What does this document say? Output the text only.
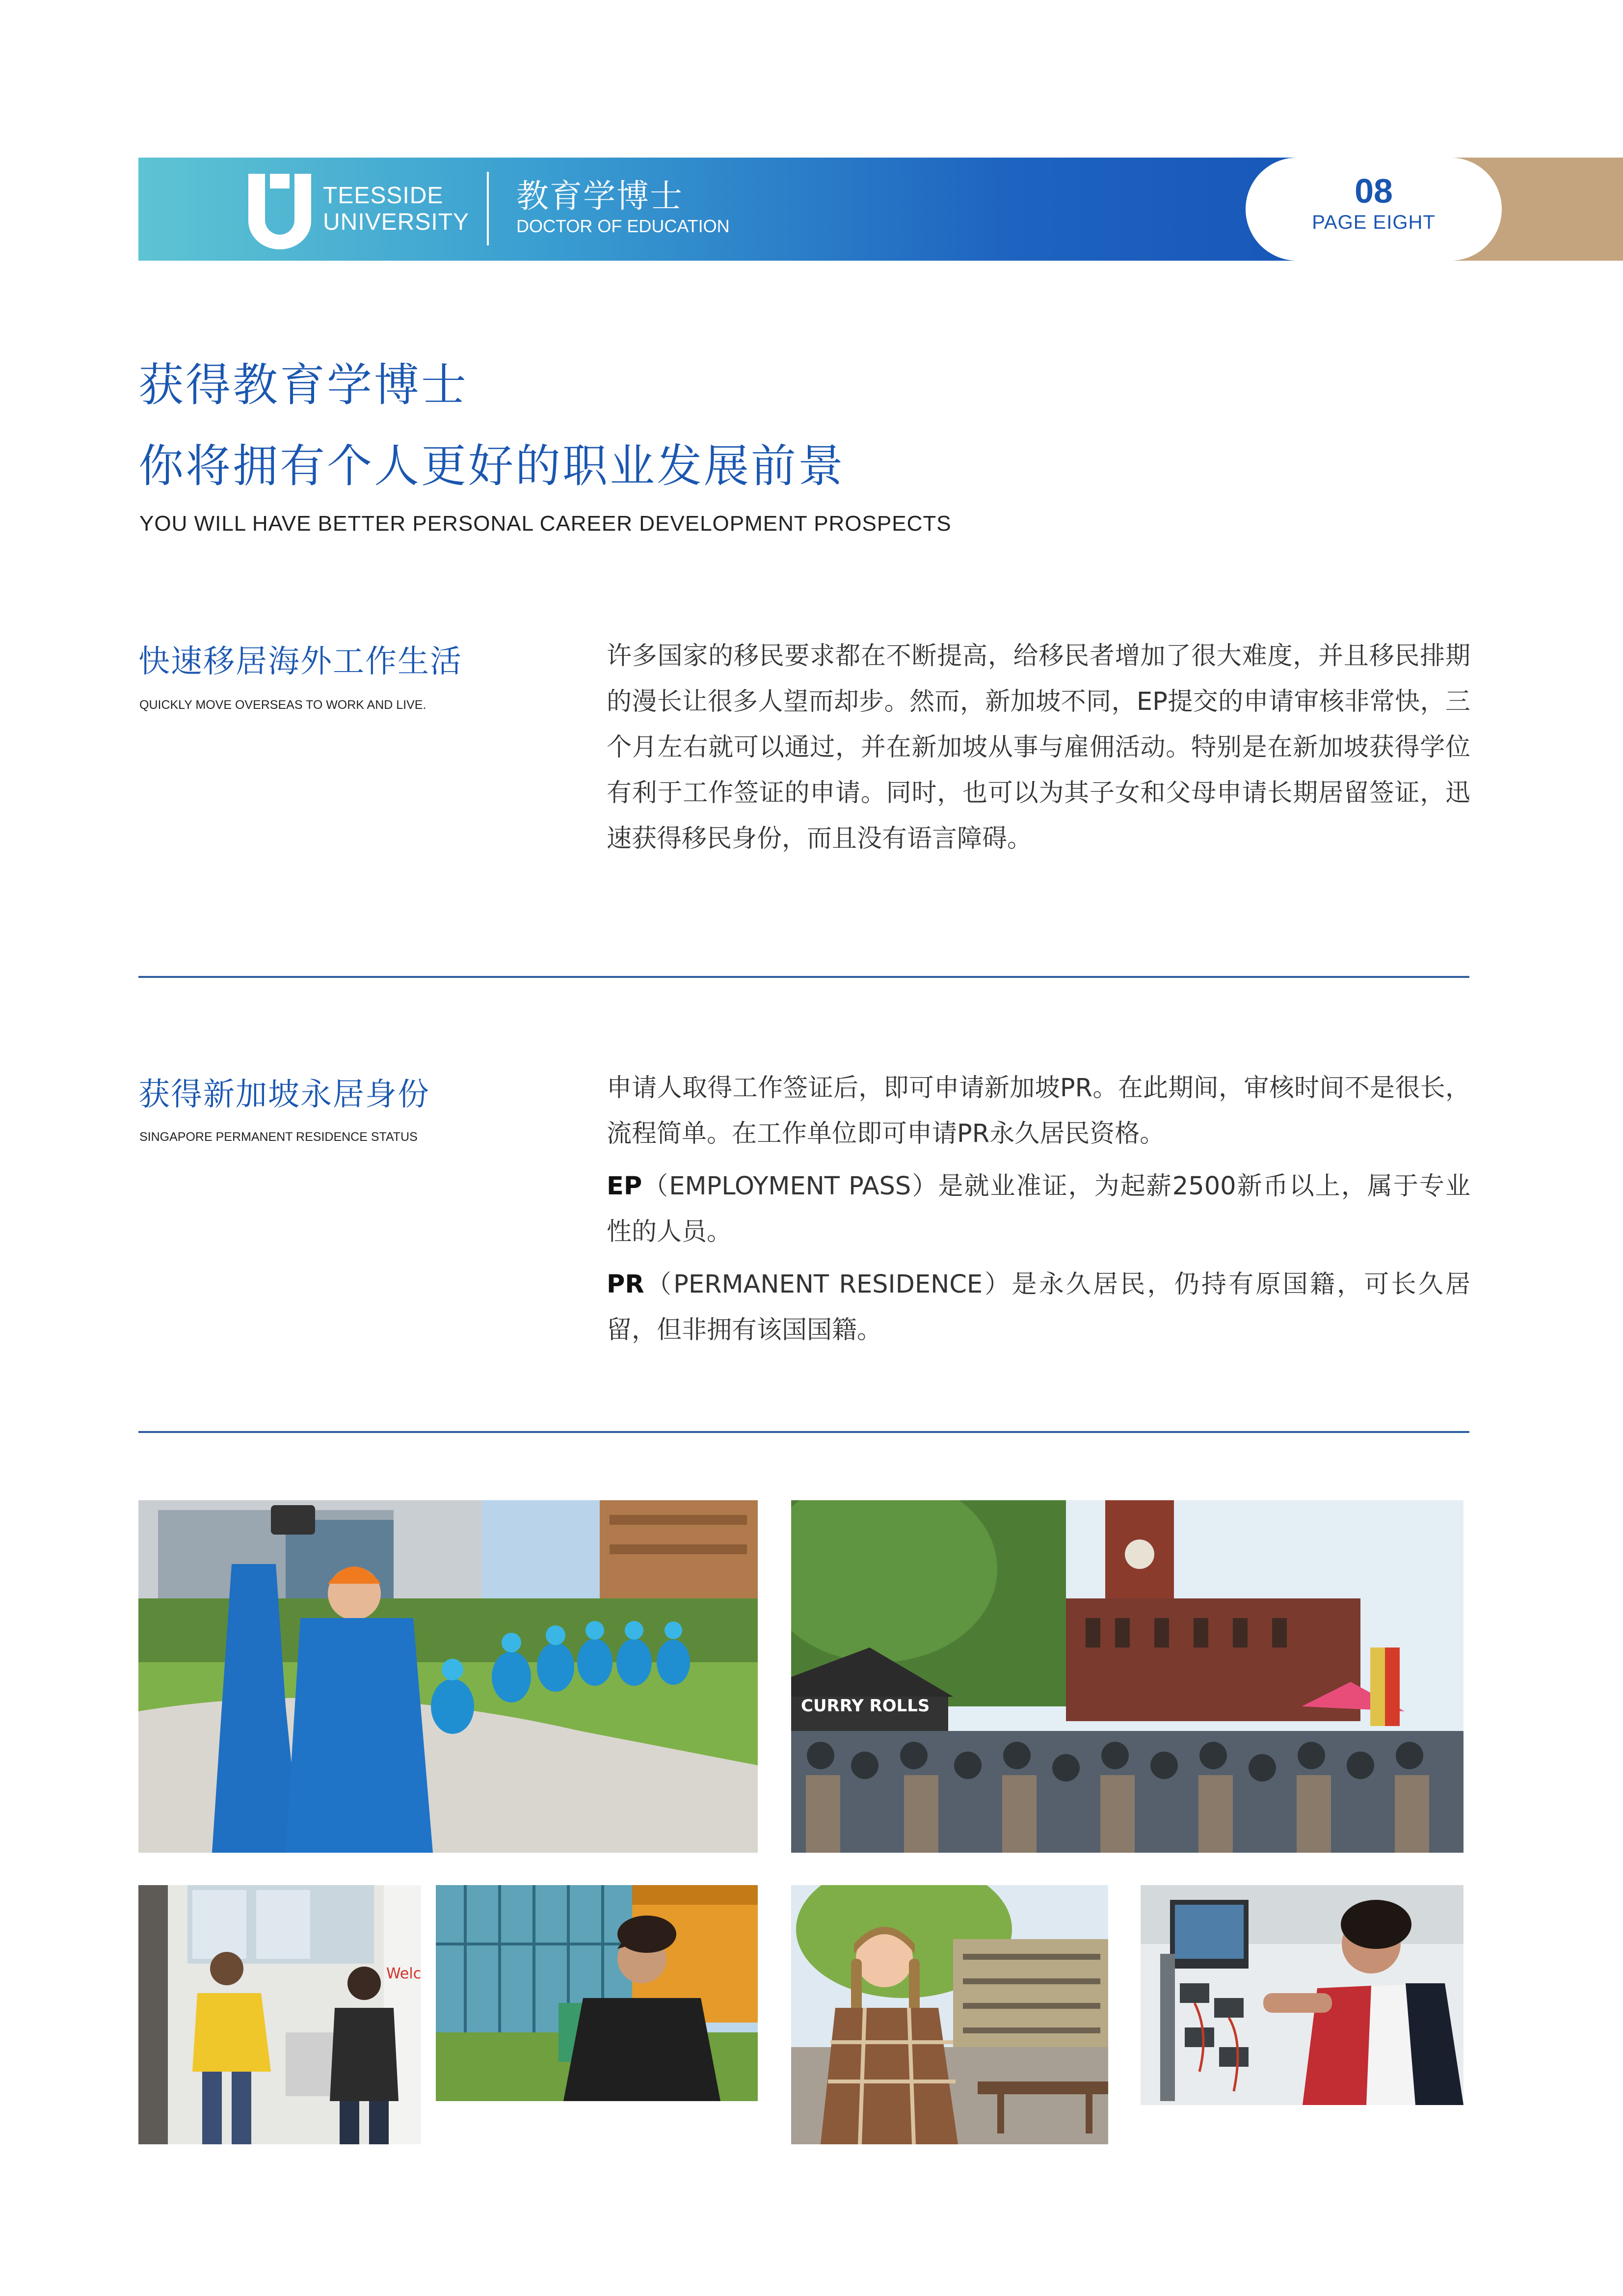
TEESSIDE
UNIVERSITY
教育学博士
DOCTOR OF EDUCATION
08
PAGE EIGHT
获得教育学博士
你将拥有个人更好的职业发展前景
YOU WILL HAVE BETTER PERSONAL CAREER DEVELOPMENT PROSPECTS
快速移居海外工作生活
QUICKLY MOVE OVERSEAS TO WORK AND LIVE.

许多国家的移民要求都在不断提高，给移民者增加了很大难度，并且移民排期的漫长让很多人望而却步。然而，新加坡不同，EP提交的申请审核非常快，三个月左右就可以通过，并在新加坡从事与雇佣活动。特别是在新加坡获得学位有利于工作签证的申请。同时，也可以为其子女和父母申请长期居留签证，迅速获得移民身份，而且没有语言障碍。

获得新加坡永居身份
SINGAPORE PERMANENT RESIDENCE STATUS

申请人取得工作签证后，即可申请新加坡PR。在此期间，审核时间不是很长，流程简单。在工作单位即可申请PR永久居民资格。

EP（EMPLOYMENT PASS）是就业准证，为起薪2500新币以上，属于专业性的人员。

PR（PERMANENT RESIDENCE）是永久居民，仍持有原国籍，可长久居留，但非拥有该国国籍。

CURRY ROLLS
Welc
